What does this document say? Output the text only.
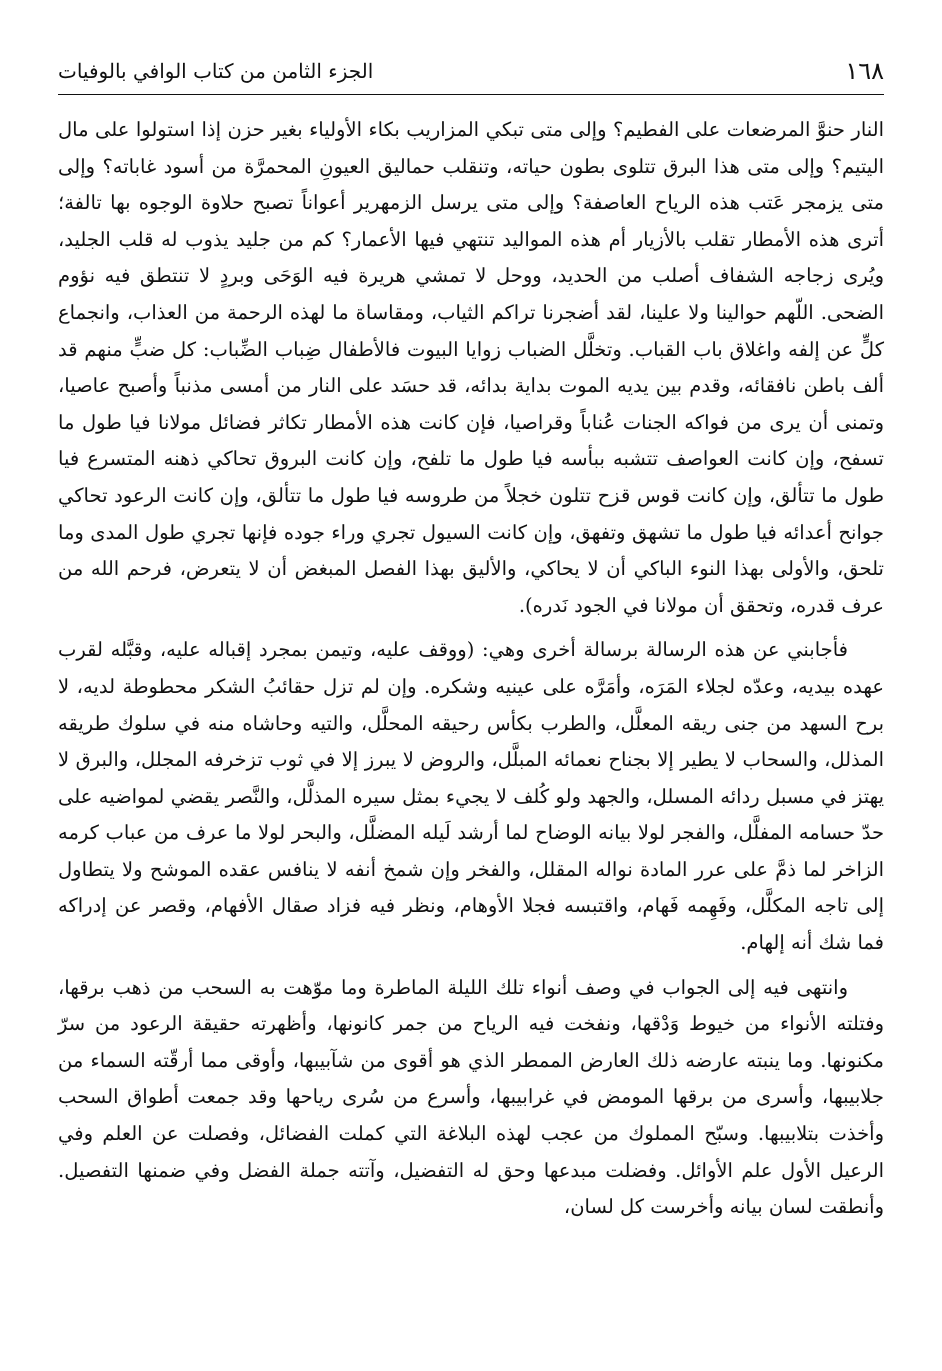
١٦٨
الجزء الثامن من كتاب الوافي بالوفيات

النار حنوَّ المرضعات على الفطيم؟ وإلى متى تبكي المزاريب بكاء الأولياء بغير حزن إذا استولوا على مال اليتيم؟ وإلى متى هذا البرق تتلوى بطون حياته، وتنقلب حماليق العيونِ المحمرَّة من أسود غاباته؟ وإلى متى يزمجر عَتب هذه الرياح العاصفة؟ وإلى متى يرسل الزمهرير أعواناً تصبح حلاوة الوجوه بها تالفة؛ أترى هذه الأمطار تقلب بالأزيار أم هذه المواليد تنتهي فيها الأعمار؟ كم من جليد يذوب له قلب الجليد، ويُرى زجاجه الشفاف أصلب من الحديد، ووحل لا تمشي هريرة فيه الوَحَى وبردٍ لا تنتطق فيه نؤوم الضحى. اللّهم حوالينا ولا علينا، لقد أضجرنا تراكم الثياب، ومقاساة ما لهذه الرحمة من العذاب، وانجماع كلٍّ عن إلفه واغلاق باب القباب. وتخلَّل الضباب زوايا البيوت فالأطفال ضِباب الضِّباب: كل ضبٍّ منهم قد ألف باطن نافقائه، وقدم بين يديه الموت بداية بدائه، قد حسَد على النار من أمسى مذنباً وأصبح عاصيا، وتمنى أن يرى من فواكه الجنات عُناباً وقراصيا، فإن كانت هذه الأمطار تكاثر فضائل مولانا فيا طول ما تسفح، وإن كانت العواصف تتشبه ببأسه فيا طول ما تلفح، وإن كانت البروق تحاكي ذهنه المتسرع فيا طول ما تتألق، وإن كانت قوس قزح تتلون خجلاً من طروسه فيا طول ما تتألق، وإن كانت الرعود تحاكي جوانح أعدائه فيا طول ما تشهق وتفهق، وإن كانت السيول تجري وراء جوده فإنها تجري طول المدى وما تلحق، والأولى بهذا النوء الباكي أن لا يحاكي، والأليق بهذا الفصل المبغض أن لا يتعرض، فرحم الله من عرف قدره، وتحقق أن مولانا في الجود نَدره).

فأجابني عن هذه الرسالة برسالة أخرى وهي: (ووقف عليه، وتيمن بمجرد إقباله عليه، وقبَّله لقرب عهده بيديه، وعدّه لجلاء المَرَه، وأمَرَّه على عينيه وشكره. وإن لم تزل حقائبُ الشكر محطوطة لديه، لا برح السهد من جنى ريقه المعلَّل، والطرب بكأس رحيقه المحلَّل، والتيه وحاشاه منه في سلوك طريقه المذلل، والسحاب لا يطير إلا بجناح نعمائه المبلَّل، والروض لا يبرز إلا في ثوب تزخرفه المجلل، والبرق لا يهتز في مسبل ردائه المسلل، والجهد ولو كُلف لا يجيء بمثل سيره المذلَّل، والنَّصر يقضي لمواضيه على حدّ حسامه المفلَّل، والفجر لولا بيانه الوضاح لما أرشد لَيله المضلَّل، والبحر لولا ما عرف من عباب كرمه الزاخر لما ذمَّ على عرر المادة نواله المقلل، والفخر وإن شمخ أنفه لا ينافس عقده الموشح ولا يتطاول إلى تاجه المكلَّل، وفَهِمه فَهام، واقتبسه فجلا الأوهام، ونظر فيه فزاد صقال الأفهام، وقصر عن إدراكه فما شك أنه إلهام.

وانتهى فيه إلى الجواب في وصف أنواء تلك الليلة الماطرة وما موّهت به السحب من ذهب برقها، وفتلته الأنواء من خيوط وَدْقها، ونفخت فيه الرياح من جمر كانونها، وأظهرته حقيقة الرعود من سرّ مكنونها. وما ينبته عارضه ذلك العارض الممطر الذي هو أقوى من شآبيبها، وأوقى مما أرقّته السماء من جلابيبها، وأسرى من برقها المومض في غرابيبها، وأسرع من سُرى رياحها وقد جمعت أطواق السحب وأخذت بتلابيبها. وسبّح المملوك من عجب لهذه البلاغة التي كملت الفضائل، وفصلت عن العلم وفي الرعيل الأول علم الأوائل. وفضلت مبدعها وحق له التفضيل، وآتته جملة الفضل وفي ضمنها التفصيل. وأنطقت لسان بيانه وأخرست كل لسان،
